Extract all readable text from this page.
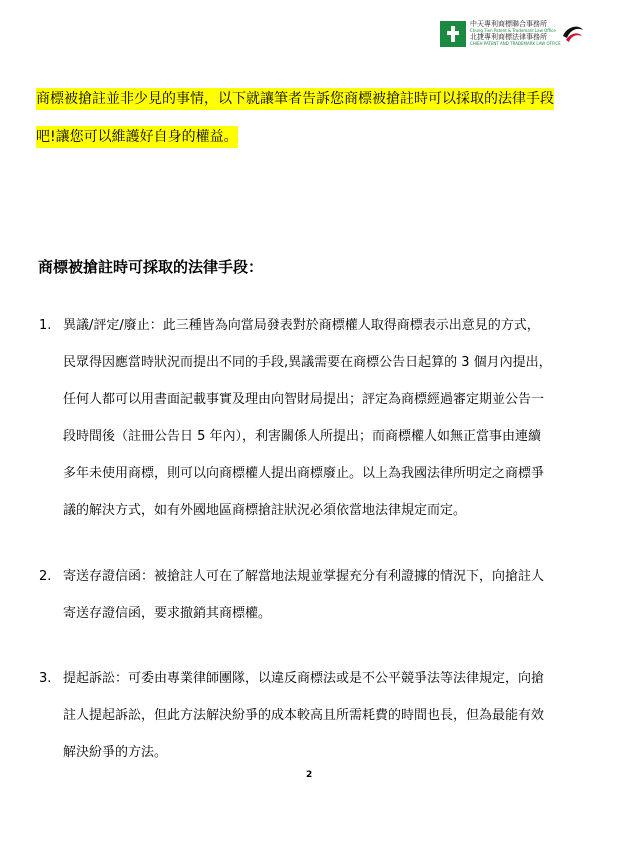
中天專利商標聯合事務所
Chung Tien Patent & Trademark Law Office
北捷專利商標法律事務所
CHIEH PATENT AND TRADEMARK LAW OFFICE
商標被搶註並非少見的事情，以下就讓筆者告訴您商標被搶註時可以採取的法律手段
吧!讓您可以維護好自身的權益。
商標被搶註時可採取的法律手段：
1. 異議/評定/廢止：此三種皆為向當局發表對於商標權人取得商標表示出意見的方式，
民眾得因應當時狀況而提出不同的手段,異議需要在商標公告日起算的 3 個月內提出，
任何人都可以用書面記載事實及理由向智財局提出；評定為商標經過審定期並公告一
段時間後（註冊公告日 5 年內），利害關係人所提出；而商標權人如無正當事由連續
多年未使用商標，則可以向商標權人提出商標廢止。以上為我國法律所明定之商標爭
議的解決方式，如有外國地區商標搶註狀況必須依當地法律規定而定。
2. 寄送存證信函：被搶註人可在了解當地法規並掌握充分有利證據的情況下，向搶註人
寄送存證信函，要求撤銷其商標權。
3. 提起訴訟：可委由專業律師團隊，以違反商標法或是不公平競爭法等法律規定，向搶
註人提起訴訟，但此方法解決紛爭的成本較高且所需耗費的時間也長，但為最能有效
解決紛爭的方法。
2
